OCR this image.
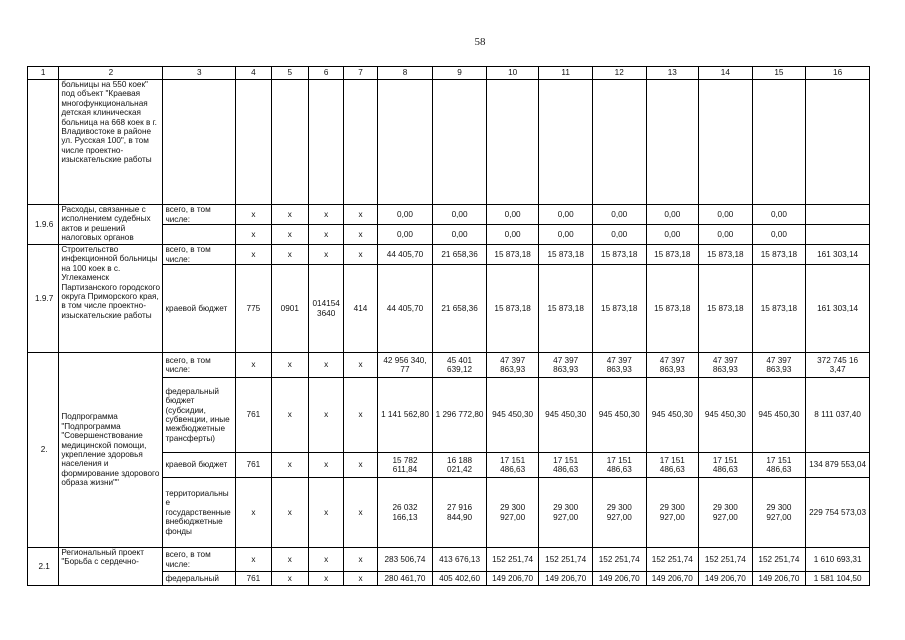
58
1	2	3	4	5	6	7	8	9	10	11	12	13	14	15	16
	больницы на 550 коек" под объект "Краевая многофункциональная детская клиническая больница на 668 коек в г. Владивостоке в районе ул. Русская 100", в том числе проектно-изыскательские работы														
1.9.6	Расходы, связанные с исполнением судебных актов и решений налоговых органов	всего, в том числе:	x	x	x	x	0,00	0,00	0,00	0,00	0,00	0,00	0,00	0,00	
			x	x	x	x	0,00	0,00	0,00	0,00	0,00	0,00	0,00	0,00	
1.9.7	Строительство инфекционной больницы на 100 коек в с. Углекаменск Партизанского городского округа Приморского края, в том числе проектно-изыскательские работы	всего, в том числе:	x	x	x	x	44 405,70	21 658,36	15 873,18	15 873,18	15 873,18	15 873,18	15 873,18	15 873,18	161 303,14
		краевой бюджет	775	0901	014154 3640	414	44 405,70	21 658,36	15 873,18	15 873,18	15 873,18	15 873,18	15 873,18	15 873,18	161 303,14
2.	Подпрограмма "Подпрограмма "Совершенствование медицинской помощи, укрепление здоровья населения и формирование здорового образа жизни""	всего, в том числе:	x	x	x	x	42 956 340, 77	45 401 639,12	47 397 863,93	47 397 863,93	47 397 863,93	47 397 863,93	47 397 863,93	47 397 863,93	372 745 16 3,47
		федеральный бюджет (субсидии, субвенции, иные межбюджетные трансферты)	761	x	x	x	1 141 562,80	1 296 772,80	945 450,30	945 450,30	945 450,30	945 450,30	945 450,30	945 450,30	8 111 037,40
		краевой бюджет	761	x	x	x	15 782 611,84	16 188 021,42	17 151 486,63	17 151 486,63	17 151 486,63	17 151 486,63	17 151 486,63	17 151 486,63	134 879 553,04
		территориальные государственные внебюджетные фонды	x	x	x	x	26 032 166,13	27 916 844,90	29 300 927,00	29 300 927,00	29 300 927,00	29 300 927,00	29 300 927,00	29 300 927,00	229 754 573,03
2.1	Региональный проект "Борьба с сердечно-	всего, в том числе:	x	x	x	x	283 506,74	413 676,13	152 251,74	152 251,74	152 251,74	152 251,74	152 251,74	152 251,74	1 610 693,31
		федеральный	761	x	x	x	280 461,70	405 402,60	149 206,70	149 206,70	149 206,70	149 206,70	149 206,70	149 206,70	1 581 104,50
